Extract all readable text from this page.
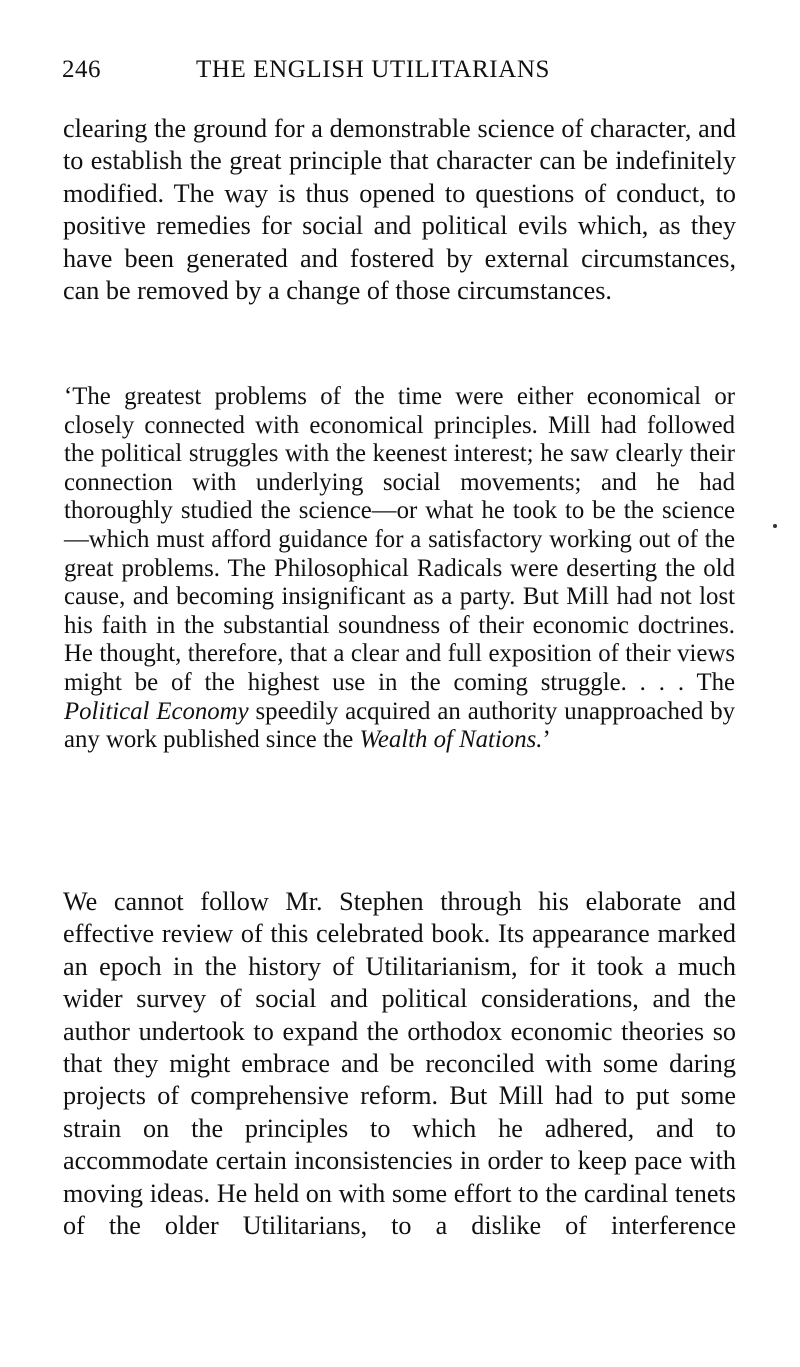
246	THE ENGLISH UTILITARIANS

clearing the ground for a demonstrable science of character, and to establish the great principle that character can be indefinitely modified. The way is thus opened to questions of conduct, to positive remedies for social and political evils which, as they have been generated and fostered by external circumstances, can be removed by a change of those circumstances.

‘The greatest problems of the time were either economical or closely connected with economical principles. Mill had followed the political struggles with the keenest interest; he saw clearly their connection with underlying social movements; and he had thoroughly studied the science—or what he took to be the science—which must afford guidance for a satisfactory working out of the great problems. The Philosophical Radicals were deserting the old cause, and becoming insignificant as a party. But Mill had not lost his faith in the substantial soundness of their economic doctrines. He thought, therefore, that a clear and full exposition of their views might be of the highest use in the coming struggle. . . . The Political Economy speedily acquired an authority unapproached by any work published since the Wealth of Nations.’

We cannot follow Mr. Stephen through his elaborate and effective review of this celebrated book. Its appearance marked an epoch in the history of Utilitarianism, for it took a much wider survey of social and political considerations, and the author undertook to expand the orthodox economic theories so that they might embrace and be reconciled with some daring projects of comprehensive reform. But Mill had to put some strain on the principles to which he adhered, and to accommodate certain inconsistencies in order to keep pace with moving ideas. He held on with some effort to the cardinal tenets of the older Utilitarians, to a dislike of interference
